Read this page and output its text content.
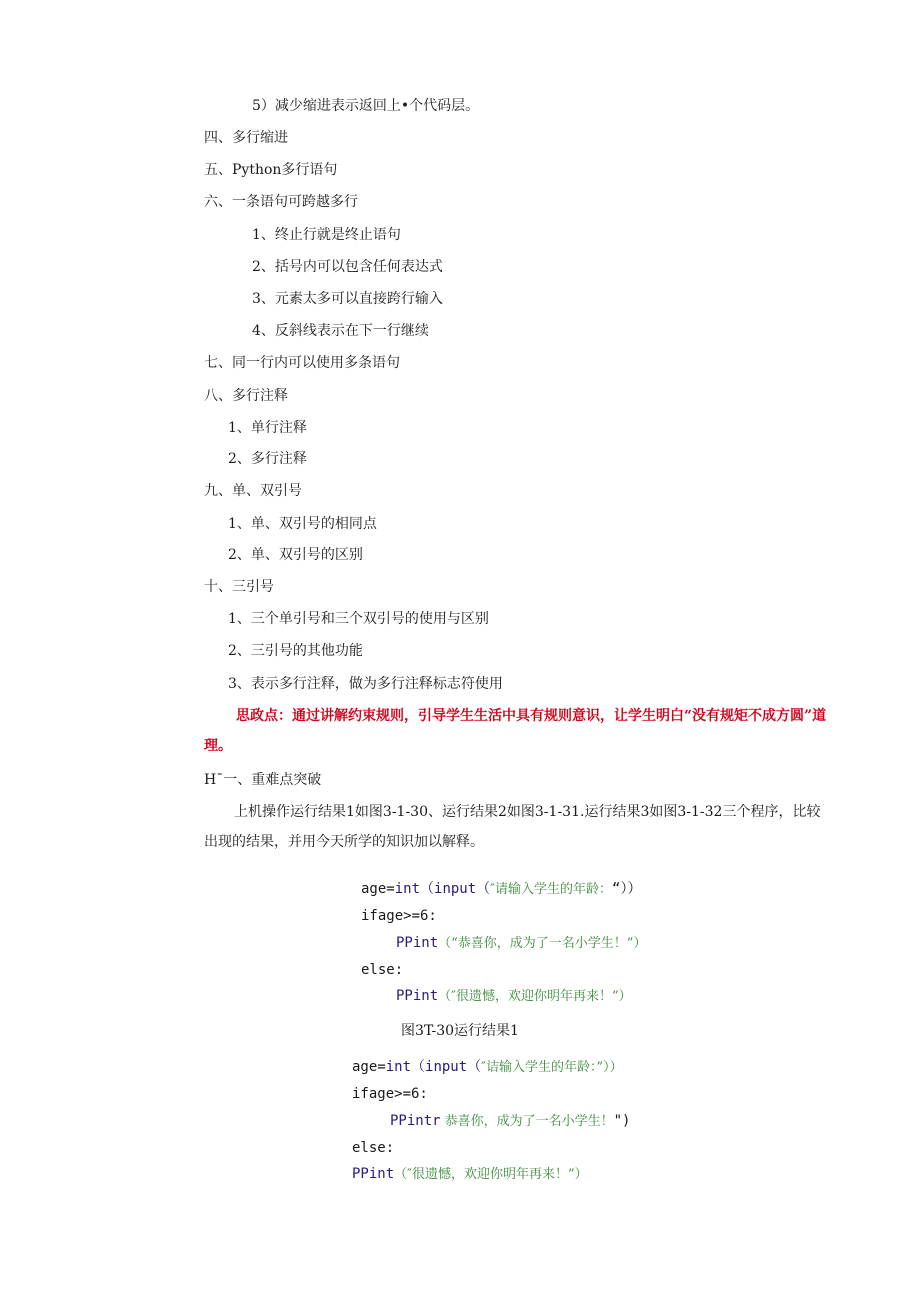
5）减少缩进表示返回上•个代码层。
四、多行缩进
五、Python多行语句
六、一条语句可跨越多行
1、终止行就是终止语句
2、括号内可以包含任何表达式
3、元素太多可以直接跨行输入
4、反斜线表示在下一行继续
七、同一行内可以使用多条语句
八、多行注释
1、单行注释
2、多行注释
九、单、双引号
1、单、双引号的相同点
2、单、双引号的区别
十、三引号
1、三个单引号和三个双引号的使用与区别
2、三引号的其他功能
3、表示多行注释，做为多行注释标志符使用
思政点：通过讲解约束规则，引导学生生活中具有规则意识，让学生明白“没有规矩不成方圆”道理。
H¯一、重难点突破
上机操作运行结果1如图3-1-30、运行结果2如图3-1-31.运行结果3如图3-1-32三个程序，比较出现的结果，并用今天所学的知识加以解释。
age=int（input（″请输入学生的年龄：“））
ifage>=6:
PPint（“恭喜你，成为了一名小学生！”）
else:
PPint（″很遗憾，欢迎你明年再来！”）
图3T-30运行结果1
age=int（input（″诘输入学生的年龄：”））
ifage>=6:
PPintr 恭喜你，成为了一名小学生！")
else:
PPint（″很遗憾，欢迎你明年再来！”）
